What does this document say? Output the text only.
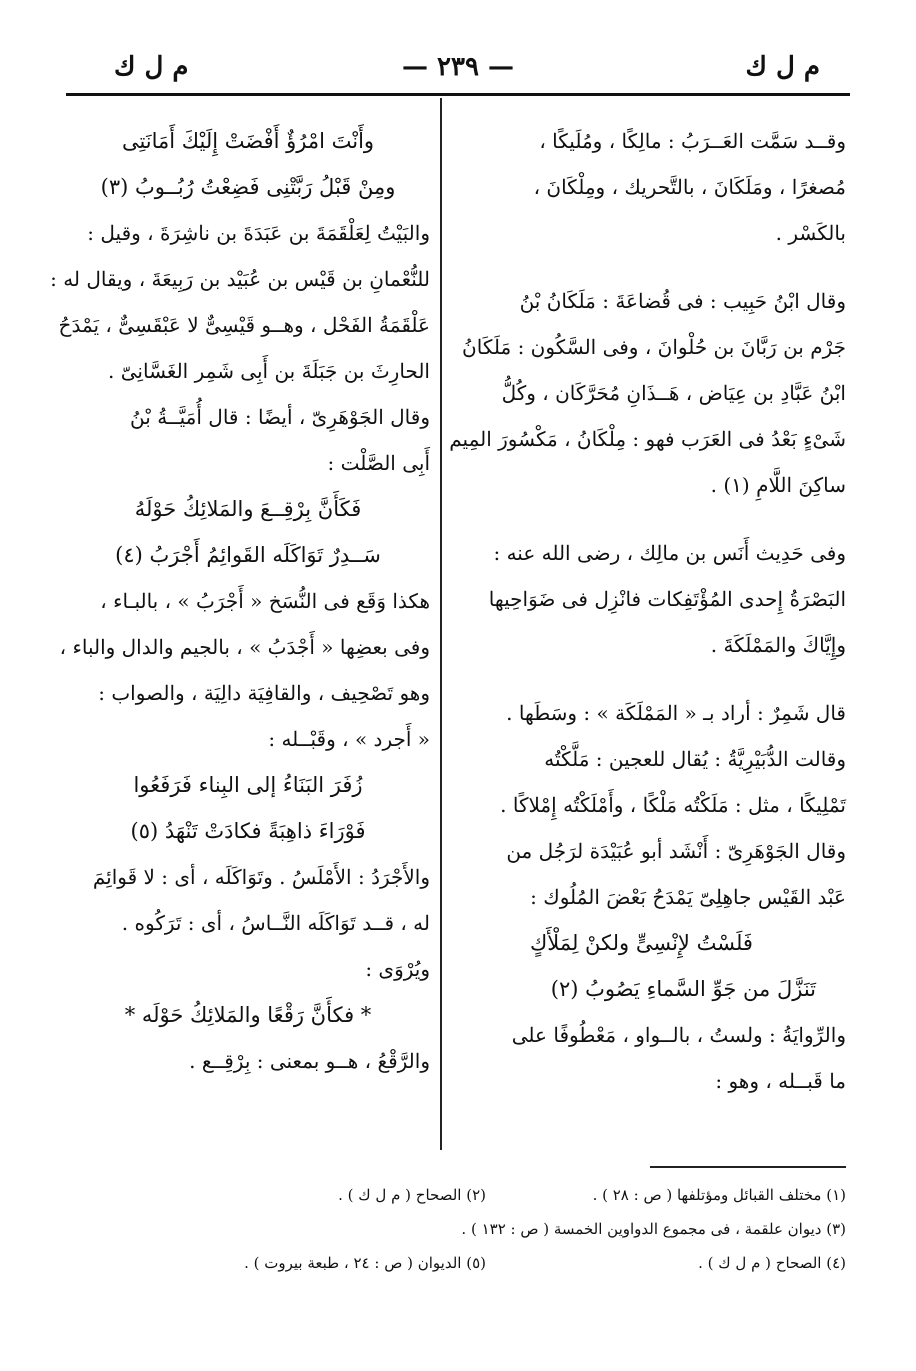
م ل ك
— ٢٣٩ —
م ل ك
وقــد سَمَّت العَــرَبُ : مالِكًا ، ومُلَيكًا ،
مُصغرًا ، ومَلَكَانَ ، بالتَّحريك ، ومِلْكَانَ ،
بالكَسْر .
وقال ابْنُ حَبِيب : فى قُضاعَةَ : مَلَكَانُ بْنُ
جَرْم بن رَبَّانَ بن حُلْوانَ ، وفى السَّكُون : مَلَكَانُ
ابْنُ عَبَّادِ بن عِيَاض ، هَــذَانِ مُحَرَّكَان ، وكُلُّ
شَىْءٍ بَعْدُ فى العَرَب فهو : مِلْكَانُ ، مَكْسُورَ المِيم
ساكِنَ اللَّامِ (١) .
وفى حَدِيث أَنَس بن مالِك ، رضى الله عنه :
البَصْرَةُ إِحدى المُؤْتَفِكات فانْزِل فى ضَوَاحِيها
وإِيَّاكَ والمَمْلَكَةَ .
قال شَمِرٌ : أراد بـ « المَمْلَكَة » : وسَطَها .
وقالت الدُّبَيْرِيَّةُ : يُقال للعجين : مَلَّكْتُه
تَمْلِيكًا ، مثل : مَلَكْتُه مَلْكًا ، وأَمْلَكْتُه إِمْلاكًا .
وقال الجَوْهَرِىّ : أَنْشَد أبو عُبَيْدَة لرَجُل من
عَبْد القَيْس جاهِلِىّ يَمْدَحُ بَعْضَ المُلُوك :
فَلَسْتُ لإِنْسِىٍّ ولكنْ لِمَلْأَكٍ
تَنَزَّلَ من جَوِّ السَّماءِ يَصُوبُ (٢)
والرِّوايَةُ : ولستُ ، بالــواو ، مَعْطُوفًا على
ما قَبــله ، وهو :
وأَنْتَ امْرُؤٌ أَفْضَتْ إِلَيْكَ أَمَانَتِى
ومِنْ قَبْلُ رَبَّتْنِى فَضِعْتُ رُبُــوبُ (٣)
والبَيْتُ لِعَلْقَمَةَ بن عَبَدَةَ بن ناشِرَةَ ، وقيل :
للنُّعْمانِ بن قَيْس بن عُبَيْد بن رَبِيعَةَ ، ويقال له :
عَلْقَمَةُ الفَحْل ، وهــو قَيْسِىٌّ لا عَبْقَسِىٌّ ، يَمْدَحُ
الحارِثَ بن جَبَلَةَ بن أَبِى شَمِر الغَسَّانِىّ .
وقال الجَوْهَرِىّ ، أيضًا : قال أُمَيَّــةُ بْنُ
أَبِى الصَّلْت :
فَكَأَنَّ بِرْقِــعَ والمَلائِكُ حَوْلَهُ
سَــدِرٌ تَوَاكَلَه القَوائِمُ أَجْرَبُ (٤)
هكذا وَقَع فى النُّسَخ « أَجْرَبُ » ، بالبـاء ،
وفى بعضِها « أَجْدَبُ » ، بالجيم والدال والباء ،
وهو تَصْحِيف ، والقافِيَة دالِيَة ، والصواب :
« أَجرد » ، وقَبْــله :
زُفَرَ البَنَاءُ إلى البِناء فَرَفَعُوا
فَوْرَاءَ ذاهِبَةً فكادَتْ تَنْهَدُ (٥)
والأَجْرَدُ : الأَمْلَسُ . وتَوَاكَلَه ، أى : لا قَوائِمَ
له ، قــد تَوَاكَلَه النَّــاسُ ، أى : تَرَكُوه .
ويُرْوَى :
* فكأَنَّ رَقْعًا والمَلائِكُ حَوْلَه *
والرَّقْعُ ، هــو بمعنى : بِرْقِــع .
(١) مختلف القبائل ومؤتلفها ( ص : ٢٨ ) .
(٢) الصحاح ( م ل ك ) .
(٣) ديوان علقمة ، فى مجموع الدواوين الخمسة ( ص : ١٣٢ ) .
(٤) الصحاح ( م ل ك ) .
(٥) الديوان ( ص : ٢٤ ، طبعة بيروت ) .
